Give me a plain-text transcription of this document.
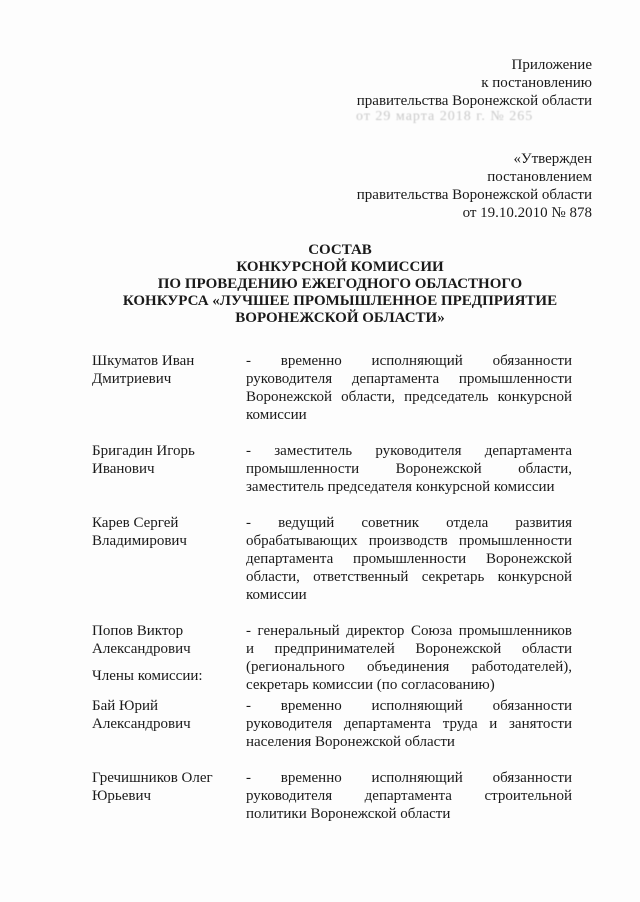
Приложение
к постановлению
правительства Воронежской области
от 29 марта 2018 г. № 265
«Утвержден
постановлением
правительства Воронежской области
от 19.10.2010 № 878
СОСТАВ
КОНКУРСНОЙ КОМИССИИ
ПО ПРОВЕДЕНИЮ ЕЖЕГОДНОГО ОБЛАСТНОГО
КОНКУРСА «ЛУЧШЕЕ ПРОМЫШЛЕННОЕ ПРЕДПРИЯТИЕ
ВОРОНЕЖСКОЙ ОБЛАСТИ»
Шкуматов Иван Дмитриевич
- временно исполняющий обязанности руководителя департамента промышленности Воронежской области, председатель конкурсной комиссии
Бригадин Игорь Иванович
- заместитель руководителя департамента промышленности Воронежской области, заместитель председателя конкурсной комиссии
Карев Сергей Владимирович
- ведущий советник отдела развития обрабатывающих производств промышленности департамента промышленности Воронежской области, ответственный секретарь конкурсной комиссии
Попов Виктор Александрович
- генеральный директор Союза промышленников и предпринимателей Воронежской области (регионального объединения работодателей), секретарь комиссии (по согласованию)
Члены комиссии:
Бай Юрий Александрович
- временно исполняющий обязанности руководителя департамента труда и занятости населения Воронежской области
Гречишников Олег Юрьевич
- временно исполняющий обязанности руководителя департамента строительной политики Воронежской области
